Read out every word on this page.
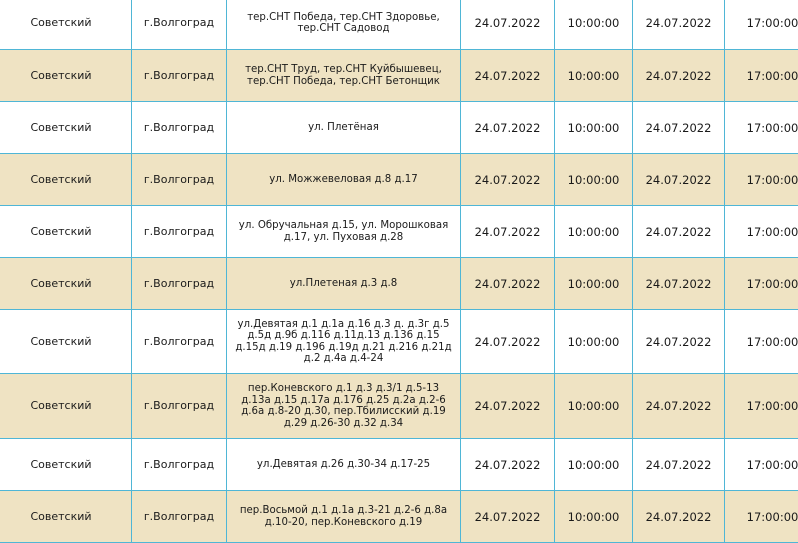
Советский	г.Волгоград	тер.СНТ Победа, тер.СНТ Здоровье, тер.СНТ Садовод	24.07.2022	10:00:00	24.07.2022	17:00:00
Советский	г.Волгоград	тер.СНТ Труд, тер.СНТ Куйбышевец, тер.СНТ Победа, тер.СНТ Бетонщик	24.07.2022	10:00:00	24.07.2022	17:00:00
Советский	г.Волгоград	ул. Плетёная	24.07.2022	10:00:00	24.07.2022	17:00:00
Советский	г.Волгоград	ул. Можжевеловая д.8 д.17	24.07.2022	10:00:00	24.07.2022	17:00:00
Советский	г.Волгоград	ул. Обручальная д.15, ул. Морошковая д.17, ул. Пуховая д.28	24.07.2022	10:00:00	24.07.2022	17:00:00
Советский	г.Волгоград	ул.Плетеная д.3 д.8	24.07.2022	10:00:00	24.07.2022	17:00:00
Советский	г.Волгоград	ул.Девятая д.1 д.1а д.16 д.3 д. д.3г д.5 д.5д д.9б д.116 д.11д.13 д.136 д.15 д.15д д.19 д.196 д.19д д.21 д.216 д.21д д.2 д.4а д.4-24	24.07.2022	10:00:00	24.07.2022	17:00:00
Советский	г.Волгоград	пер.Коневского д.1 д.3 д.3/1 д.5-13 д.13а д.15 д.17а д.176 д.25 д.2а д.2-6 д.6а д.8-20 д.30, пер.Тбилисский д.19 д.29 д.26-30 д.32 д.34	24.07.2022	10:00:00	24.07.2022	17:00:00
Советский	г.Волгоград	ул.Девятая д.26 д.30-34 д.17-25	24.07.2022	10:00:00	24.07.2022	17:00:00
Советский	г.Волгоград	пер.Восьмой д.1 д.1а д.3-21 д.2-6 д.8а д.10-20, пер.Коневского д.19	24.07.2022	10:00:00	24.07.2022	17:00:00
